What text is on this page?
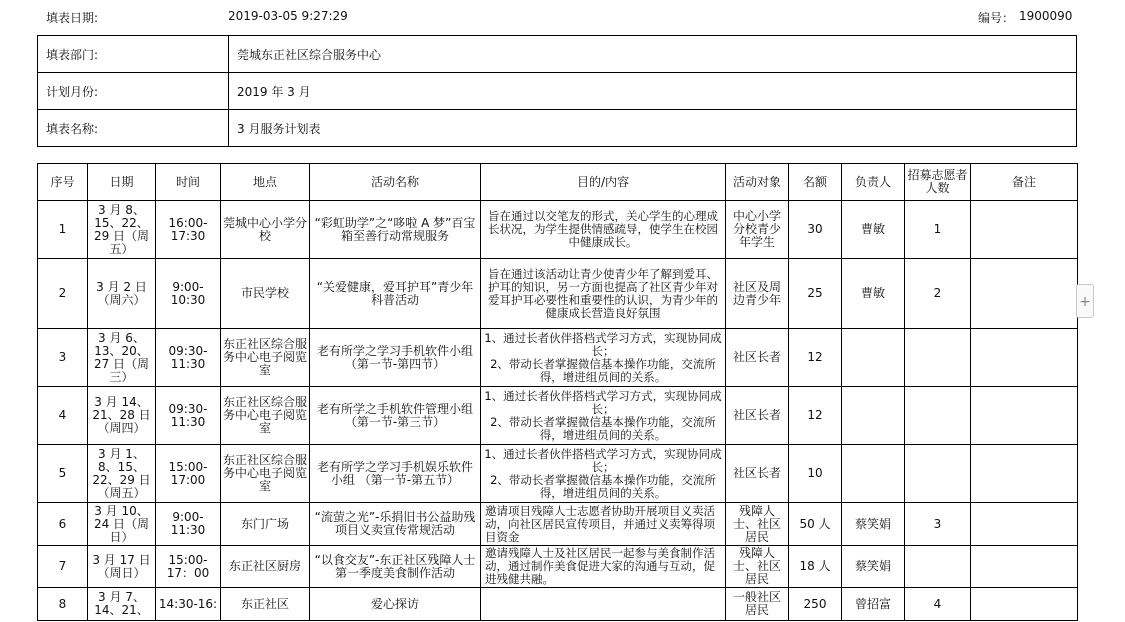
填表日期:	2019-03-05 9:27:29	编号： 1900090
填表部门:	莞城东正社区综合服务中心
计划月份:	2019 年 3 月
填表名称:	3 月服务计划表
序号	日期	时间	地点	活动名称	目的/内容	活动对象	名额	负责人	招募志愿者人数	备注
1	3 月 8、15、22、29 日（周五）	16:00-17:30	莞城中心小学分校	“彩虹助学”之“哆啦 A 梦”百宝箱至善行动常规服务	旨在通过以交笔友的形式，关心学生的心理成长状况，为学生提供情感疏导，使学生在校园中健康成长。	中心小学分校青少年学生	30	曹敏	1	
2	3 月 2 日（周六）	9:00-10:30	市民学校	“关爱健康，爱耳护耳”青少年科普活动	旨在通过该活动让青少使青少年了解到爱耳、护耳的知识，另一方面也提高了社区青少年对爱耳护耳必要性和重要性的认识，为青少年的健康成长营造良好氛围	社区及周边青少年	25	曹敏	2	
3	3 月 6、13、20、27 日（周三）	09:30-11:30	东正社区综合服务中心电子阅览室	老有所学之学习手机软件小组（第一节-第四节）	1、通过长者伙伴搭档式学习方式，实现协同成长；
2、带动长者掌握微信基本操作功能，交流所得，增进组员间的关系。	社区长者	12			
4	3 月 14、21、28 日（周四）	09:30-11:30	东正社区综合服务中心电子阅览室	老有所学之手机软件管理小组 （第一节-第三节）	1、通过长者伙伴搭档式学习方式，实现协同成长；
2、带动长者掌握微信基本操作功能，交流所得，增进组员间的关系。	社区长者	12			
5	3 月 1、8、15、22、29 日（周五）	15:00-17:00	东正社区综合服务中心电子阅览室	老有所学之学习手机娱乐软件小组 （第一节-第五节）	1、通过长者伙伴搭档式学习方式，实现协同成长；
2、带动长者掌握微信基本操作功能，交流所得，增进组员间的关系。	社区长者	10			
6	3 月 10、24 日（周日）	9:00-11:30	东门广场	“流萤之光”-乐捐旧书公益助残项目义卖宣传常规活动	邀请项目残障人士志愿者协助开展项目义卖活动，向社区居民宣传项目，并通过义卖筹得项目资金	残障人士、社区居民	50 人	蔡笑娟	3	
7	3 月 17 日（周日）	15:00-17：00	东正社区厨房	“以食交友”-东正社区残障人士第一季度美食制作活动	邀请残障人士及社区居民一起参与美食制作活动，通过制作美食促进大家的沟通与互动，促进残健共融。	残障人士、社区居民	18 人	蔡笑娟		
8	3 月 7、14、21、	14:30-16:	东正社区	爱心探访		一般社区居民	250	曾招富	4	
+
